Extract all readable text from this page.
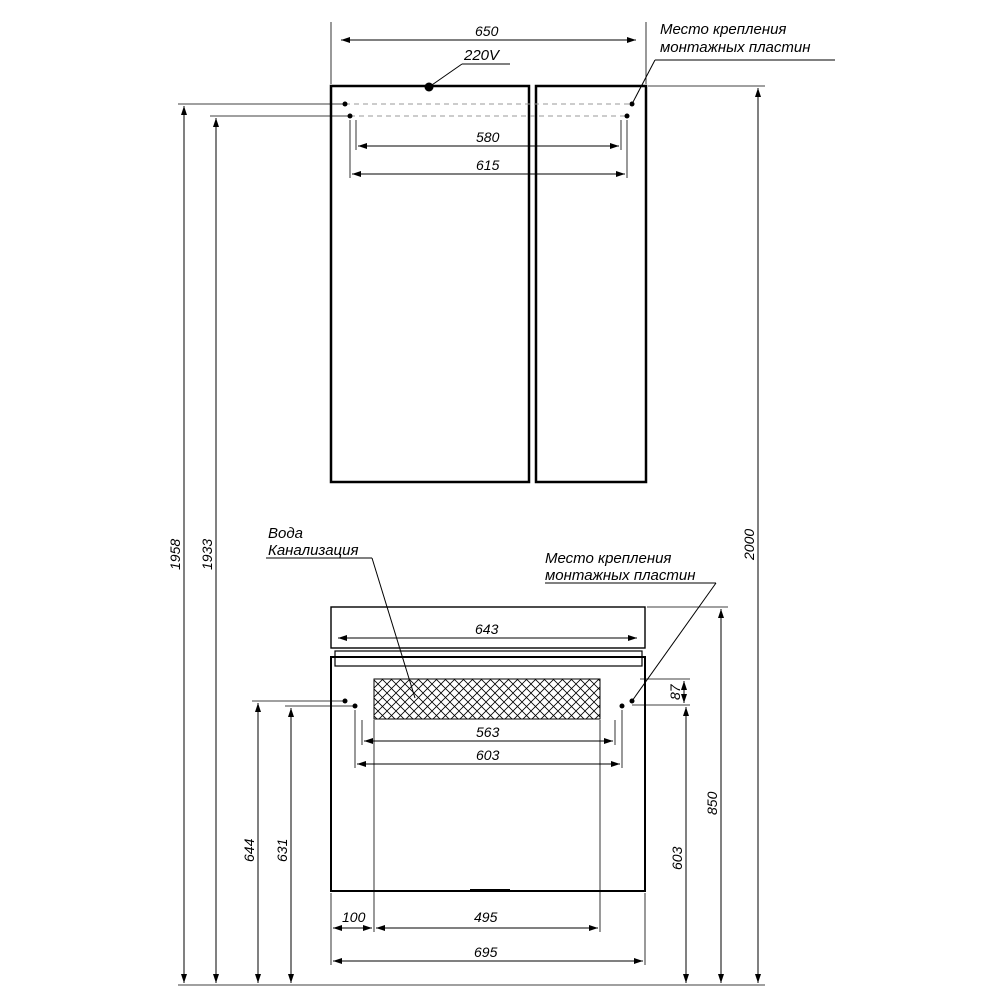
220V
650
580
615
Место крепления
монтажных пластин
643
563
603
100	495
695
87
Вода
Канализация	Место крепления
монтажных пластин
1958 1933	2000
644 631
850
603
